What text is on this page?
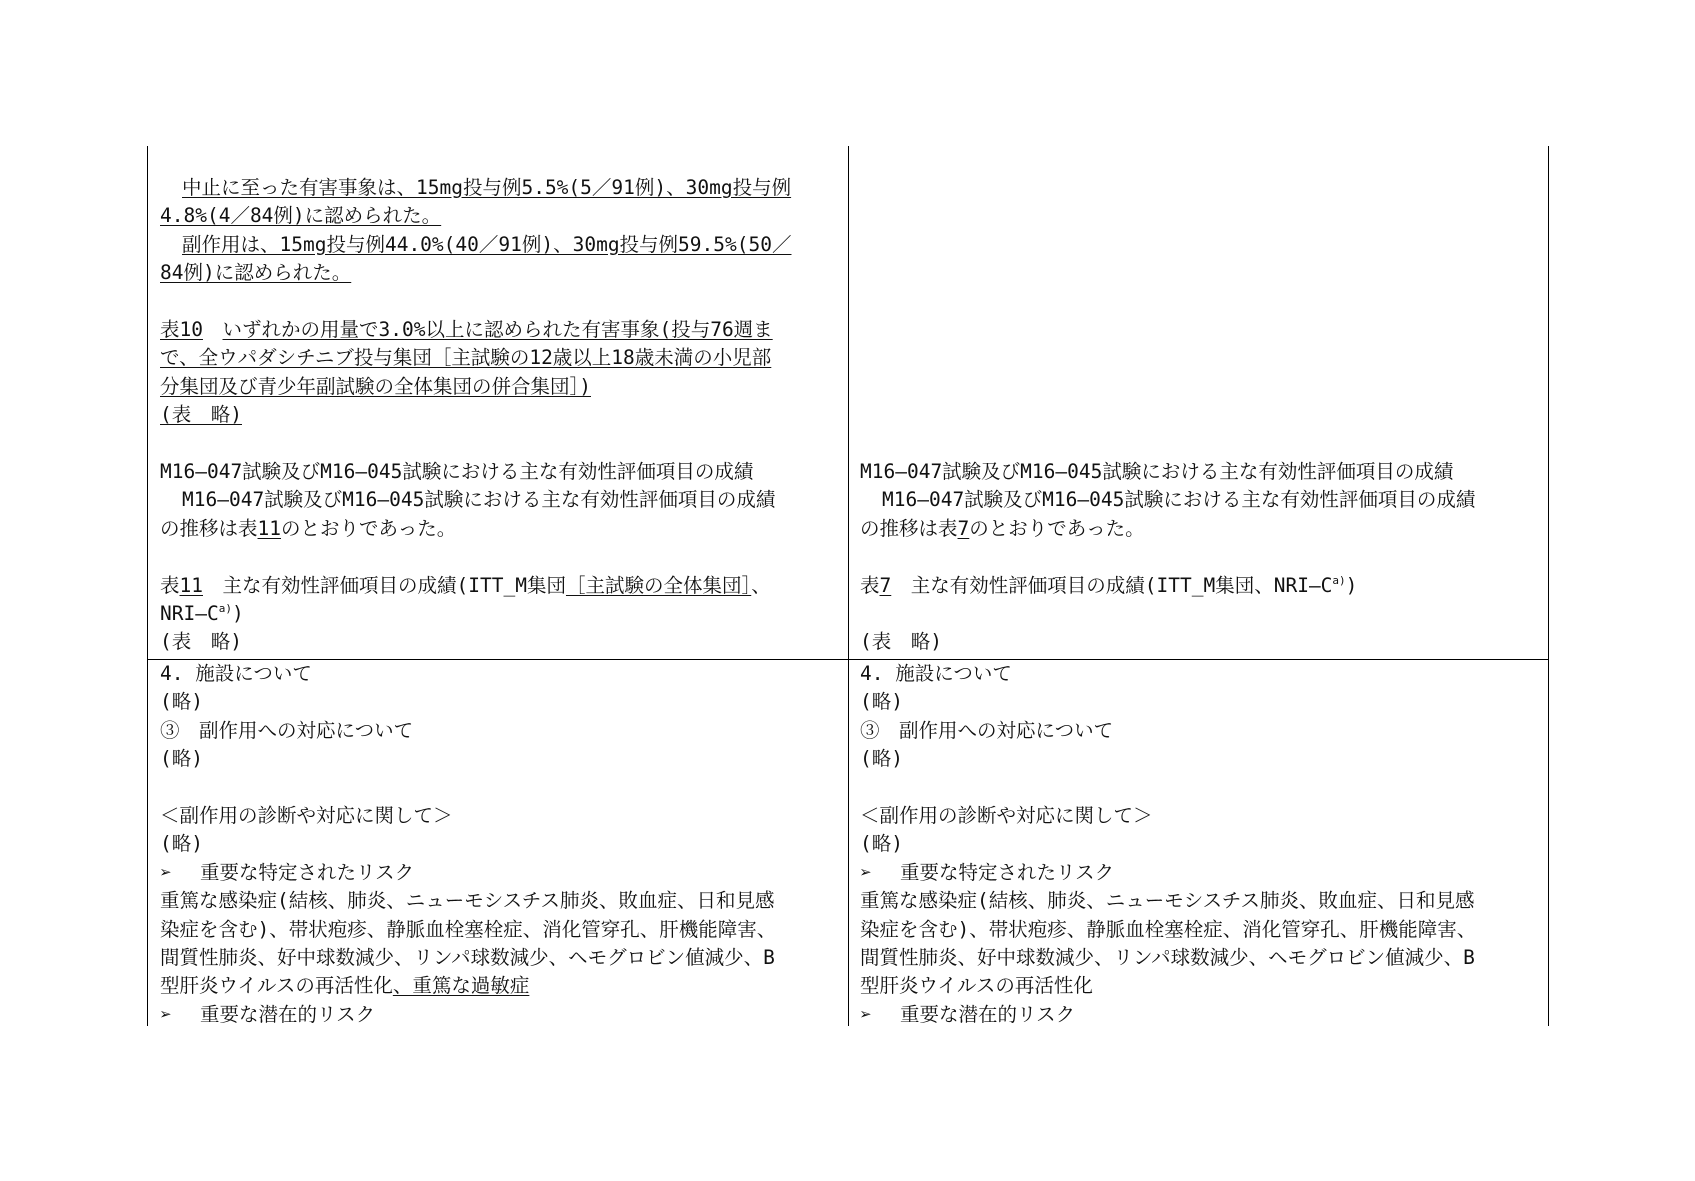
中止に至った有害事象は、15mg投与例5.5%(5／91例)、30mg投与例

4.8%(4／84例)に認められた。

副作用は、15mg投与例44.0%(40／91例)、30mg投与例59.5%(50／

84例)に認められた。

表10　 いずれかの用量で3.0%以上に認められた有害事象(投与76週ま

で、全ウパダシチニブ投与集団［主試験の12歳以上18歳未満の小児部

分集団及び青少年副試験の全体集団の併合集団］)

(表　略)

M16―047試験及びM16―045試験における主な有効性評価項目の成績

M16―047試験及びM16―045試験における主な有効性評価項目の成績

の推移は表11のとおりであった。

表11　 主な有効性評価項目の成績(ITT_M集団［主試験の全体集団］、

$NRI―C^{a)}$)

(表　略)

M16―047試験及びM16―045試験における主な有効性評価項目の成績

M16―047試験及びM16―045試験における主な有効性評価項目の成績

の推移は表7のとおりであった。

表7　 主な有効性評価項目の成績(ITT_M集団、$NRI―C^{a)}$)

(表　略)

4. 施設について

(略)

③　副作用への対応について

(略)

＜副作用の診断や対応に関して＞

(略)

➢ 重要な特定されたリスク

重篤な感染症(結核、肺炎、ニューモシスチス肺炎、敗血症、日和見感

染症を含む)、帯状疱疹、静脈血栓塞栓症、消化管穿孔、肝機能障害、

間質性肺炎、好中球数減少、リンパ球数減少、ヘモグロビン値減少、B

型肝炎ウイルスの再活性化、重篤な過敏症

➢ 重要な潜在的リスク

4. 施設について

(略)

③　副作用への対応について

(略)

＜副作用の診断や対応に関して＞

(略)

➢ 重要な特定されたリスク

重篤な感染症(結核、肺炎、ニューモシスチス肺炎、敗血症、日和見感

染症を含む)、帯状疱疹、静脈血栓塞栓症、消化管穿孔、肝機能障害、

間質性肺炎、好中球数減少、リンパ球数減少、ヘモグロビン値減少、B

型肝炎ウイルスの再活性化

➢ 重要な潜在的リスク
